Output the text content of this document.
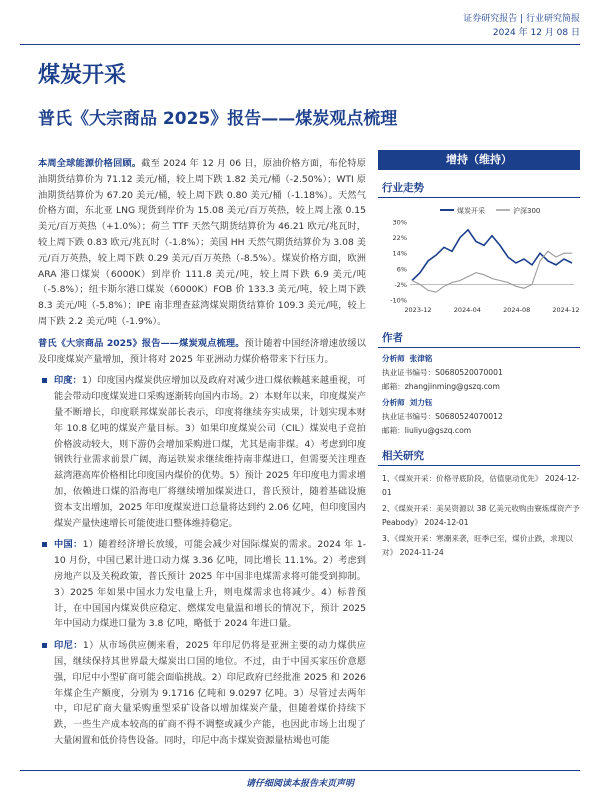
证券研究报告 | 行业研究简报
2024 年 12 月 08 日
煤炭开采
普氏《大宗商品 2025》报告——煤炭观点梳理

本周全球能源价格回顾。截至 2024 年 12 月 06 日，原油价格方面，布伦特原油期货结算价为 71.12 美元/桶，较上周下跌 1.82 美元/桶（-2.50%）；WTI 原油期货结算价为 67.20 美元/桶，较上周下跌 0.80 美元/桶（-1.18%）。天然气价格方面，东北亚 LNG 现货到岸价为 15.08 美元/百万英热，较上周上涨 0.15 美元/百万英热（+1.0%）；荷兰 TTF 天然气期货结算价为 46.21 欧元/兆瓦时，较上周下跌 0.83 欧元/兆瓦时（-1.8%）；美国 HH 天然气期货结算价为 3.08 美元/百万英热，较上周下跌 0.29 美元/百万英热（-8.5%）。煤炭价格方面，欧洲 ARA 港口煤炭（6000K）到岸价 111.8 美元/吨，较上周下跌 6.9 美元/吨（-5.8%）；纽卡斯尔港口煤炭（6000K）FOB 价 133.3 美元/吨，较上周下跌 8.3 美元/吨（-5.8%）；IPE 南非理查兹湾煤炭期货结算价 109.3 美元/吨，较上周下跌 2.2 美元/吨（-1.9%）。

普氏《大宗商品 2025》报告——煤炭观点梳理。预计随着中国经济增速放缓以及印度煤炭产量增加，预计将对 2025 年亚洲动力煤价格带来下行压力。

印度：1）印度国内煤炭供应增加以及政府对减少进口煤依赖越来越重视，可能会带动印度煤炭进口采购逐渐转向国内市场。2）本财年以来，印度煤炭产量不断增长，印度联邦煤炭部长表示，印度将继续夯实成果，计划实现本财年 10.8 亿吨的煤炭产量目标。3）如果印度煤炭公司（CIL）煤炭电子竞拍价格波动较大，则下游仍会增加采购进口煤，尤其是南非煤。4）考虑到印度钢铁行业需求前景广阔，海运铁炭求继续维持南非煤进口，但需要关注理查兹湾港高库价格相比印度国内煤价的优势。5）预计 2025 年印度电力需求增加，依赖进口煤的沿海电厂将继续增加煤炭进口，普氏预计，随着基础设施资本支出增加，2025 年印度煤炭进口总量将达到约 2.06 亿吨，但印度国内煤炭产量快速增长可能使进口整体维持稳定。
中国：1）随着经济增长放缓，可能会减少对国际煤炭的需求。2024 年 1-10 月份，中国已累计进口动力煤 3.36 亿吨，同比增长 11.1%。2）考虑到房地产以及关税政策，普氏预计 2025 年中国非电煤需求将可能受到抑制。3）2025 年如果中国水力发电量上升，则电煤需求也将减少。4）标普预计，在中国国内煤炭供应稳定、燃煤发电量温和增长的情况下，预计 2025 年中国动力煤进口量为 3.8 亿吨，略低于 2024 年进口量。
印尼：1）从市场供应侧来看，2025 年印尼仍将是亚洲主要的动力煤供应国，继续保持其世界最大煤炭出口国的地位。不过，由于中国买家压价意愿强，印尼中小型矿商可能会面临挑战。2）印尼政府已经批准 2025 和 2026 年煤企生产额度，分别为 9.1716 亿吨和 9.0297 亿吨。3）尽管过去两年中，印尼矿商大量采购重型采矿设备以增加煤炭产量，但随着煤价持续下跌，一些生产成本较高的矿商不得不调整或减少产能，也因此市场上出现了大量闲置和低价待售设备。同时，印尼中高卡煤炭资源量枯竭也可能
增持（维持）
行业走势
煤炭开采	沪深300
30%
22%
14%
6%
-2%
-10%
2023-12	2024-04	2024-08	2024-12
作者
分析师 张津铭
执业证书编号：S0680520070001
邮箱：zhangjinming@gszq.com
分析师 刘力钰
执业证书编号：S0680524070012
邮箱：liuliyu@gszq.com
相关研究
1、《煤炭开采：价格寻底阶段，估值驱动优先》 2024-12-01
2、《煤炭开采：美吴资源以 38 亿美元收购由寮炼煤资产予 Peabody》 2024-12-01
3、《煤炭开采：寒潮来袭，旺季已至，煤价止跌，求现以对》 2024-11-24
请仔细阅读本报告末页声明
